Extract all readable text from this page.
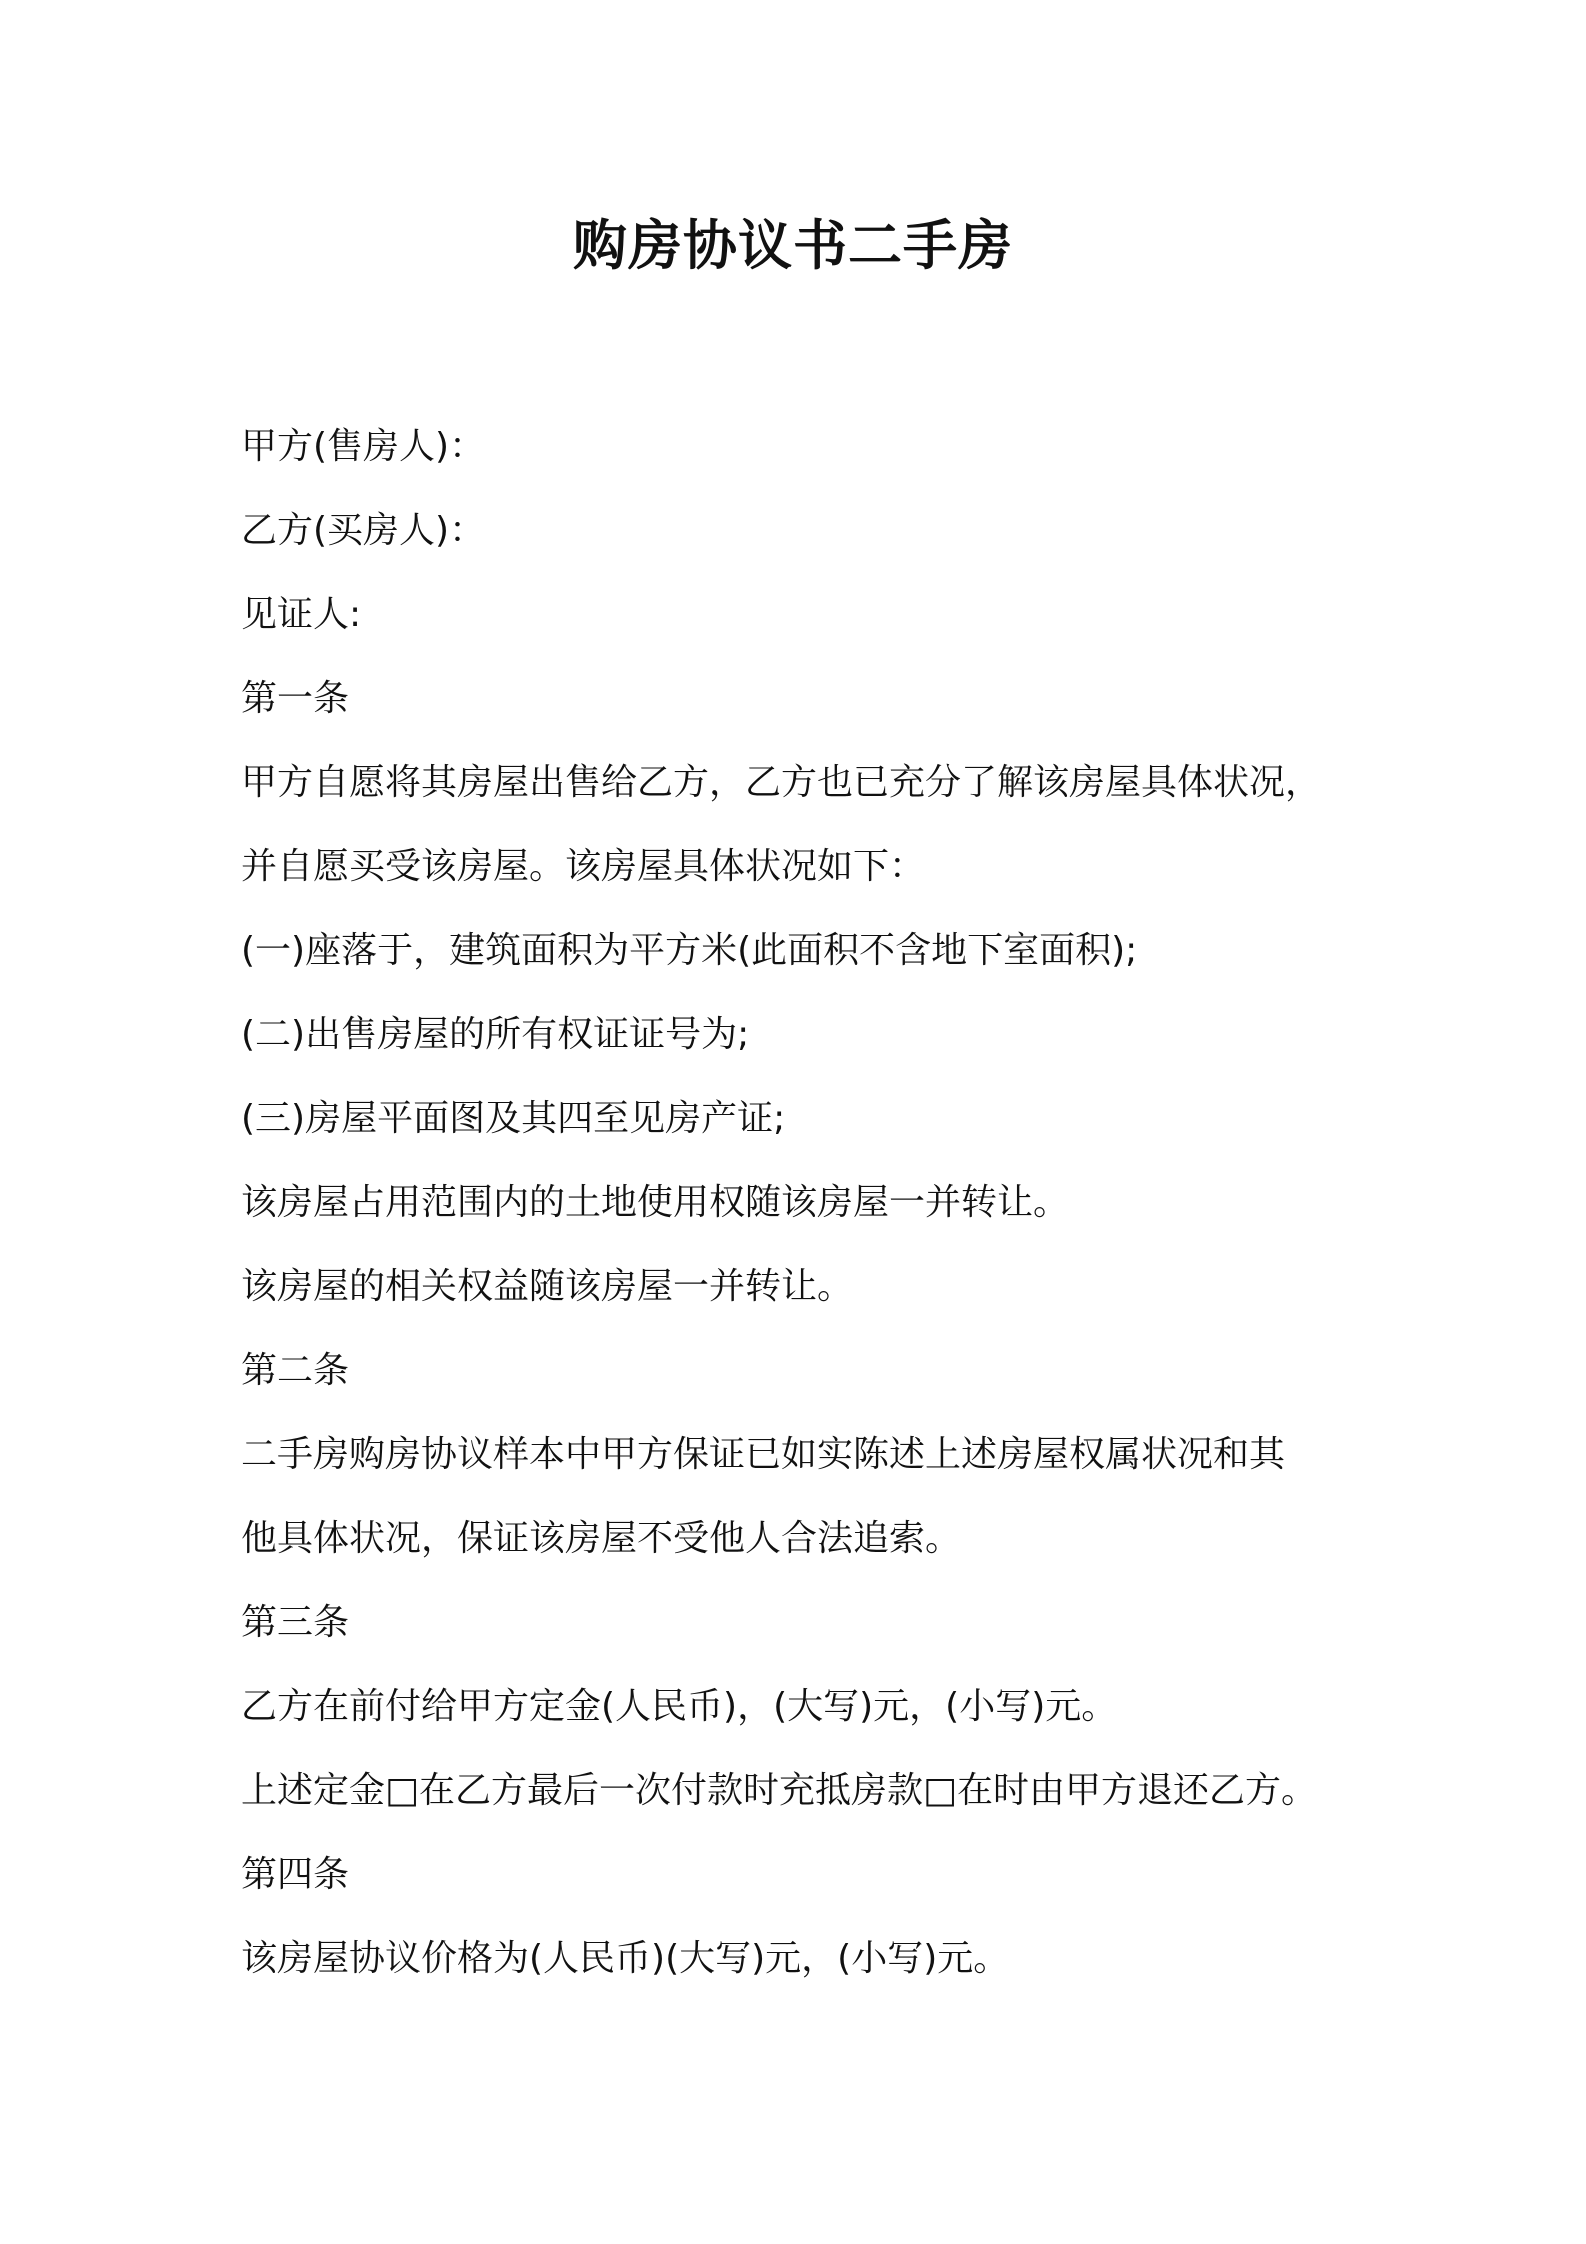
购房协议书二手房
甲方(售房人)：
乙方(买房人)：
见证人:
第一条
甲方自愿将其房屋出售给乙方，乙方也已充分了解该房屋具体状况，
并自愿买受该房屋。该房屋具体状况如下：
(一)座落于，建筑面积为平方米(此面积不含地下室面积);
(二)出售房屋的所有权证证号为;
(三)房屋平面图及其四至见房产证;
该房屋占用范围内的土地使用权随该房屋一并转让。
该房屋的相关权益随该房屋一并转让。
第二条
二手房购房协议样本中甲方保证已如实陈述上述房屋权属状况和其
他具体状况，保证该房屋不受他人合法追索。
第三条
乙方在前付给甲方定金(人民币)，(大写)元，(小写)元。
上述定金□在乙方最后一次付款时充抵房款□在时由甲方退还乙方。
第四条
该房屋协议价格为(人民币)(大写)元，(小写)元。
